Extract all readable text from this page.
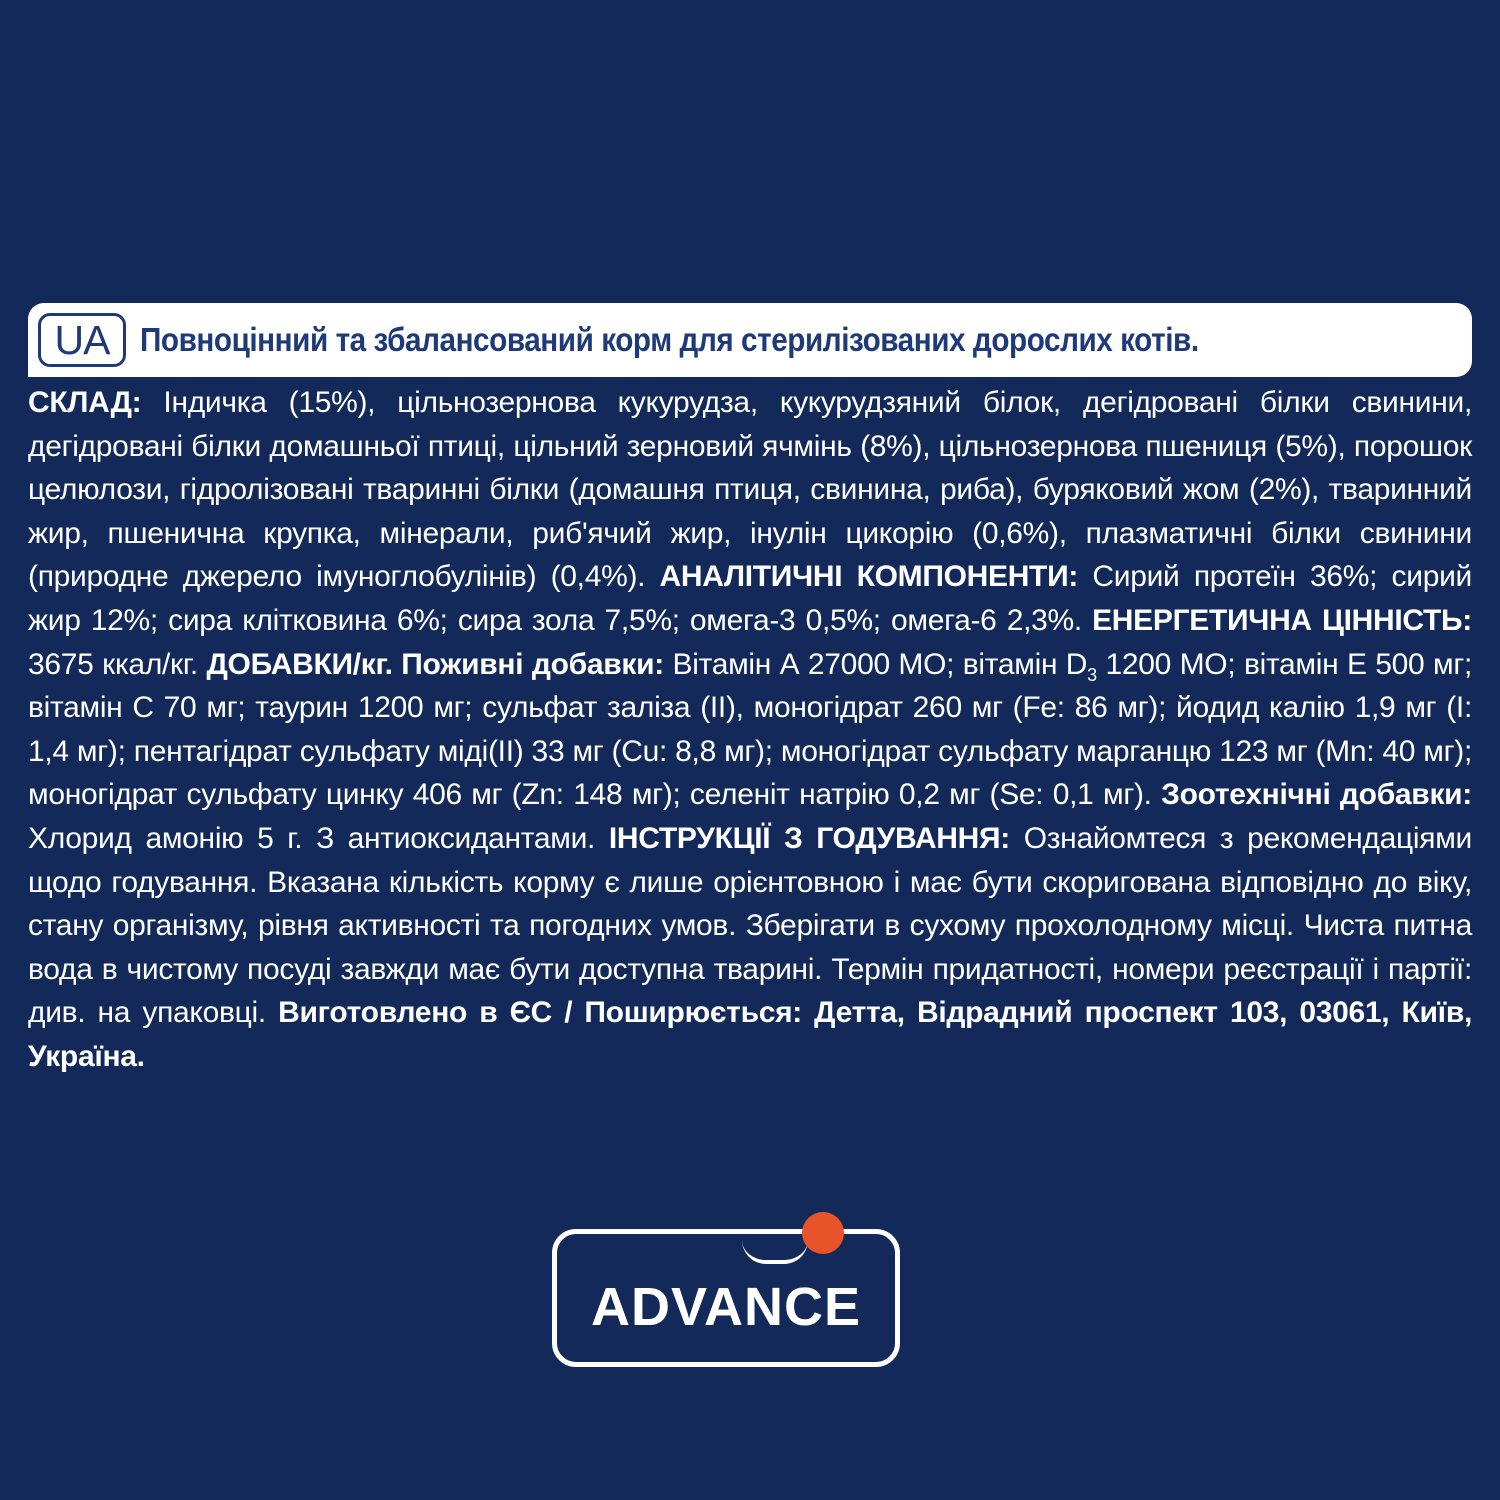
UA Повноцінний та збалансований корм для стерилізованих дорослих котів.
СКЛАД: Індичка (15%), цільнозернова кукурудза, кукурудзяний білок, дегідровані білки свинини, дегідровані білки домашньої птиці, цільний зерновий ячмінь (8%), цільнозернова пшениця (5%), порошок целюлози, гідролізовані тваринні білки (домашня птиця, свинина, риба), буряковий жом (2%), тваринний жир, пшенична крупка, мінерали, риб'ячий жир, інулін цикорію (0,6%), плазматичні білки свинини (природне джерело імуноглобулінів) (0,4%). АНАЛІТИЧНІ КОМПОНЕНТИ: Сирий протеїн 36%; сирий жир 12%; сира клітковина 6%; сира зола 7,5%; омега-3 0,5%; омега-6 2,3%. ЕНЕРГЕТИЧНА ЦІННІСТЬ: 3675 ккал/кг. ДОБАВКИ/кг. Поживні добавки: Вітамін А 27000 МО; вітамін $D_3$ 1200 МО; вітамін Е 500 мг; вітамін С 70 мг; таурин 1200 мг; сульфат заліза (II), моногідрат 260 мг (Fe: 86 мг); йодид калію 1,9 мг (I: 1,4 мг); пентагідрат сульфату міді(II) 33 мг (Cu: 8,8 мг); моногідрат сульфату марганцю 123 мг (Mn: 40 мг); моногідрат сульфату цинку 406 мг (Zn: 148 мг); селеніт натрію 0,2 мг (Se: 0,1 мг). Зоотехнічні добавки: Хлорид амонію 5 г. З антиоксидантами. ІНСТРУКЦІЇ З ГОДУВАННЯ: Ознайомтеся з рекомендаціями щодо годування. Вказана кількість корму є лише орієнтовною і має бути скоригована відповідно до віку, стану організму, рівня активності та погодних умов. Зберігати в сухому прохолодному місці. Чиста питна вода в чистому посуді завжди має бути доступна тварині. Термін придатності, номери реєстрації і партії: див. на упаковці. Виготовлено в ЄС / Поширюється: Детта, Відрадний проспект 103, 03061, Київ, Україна.
ADVANCE
